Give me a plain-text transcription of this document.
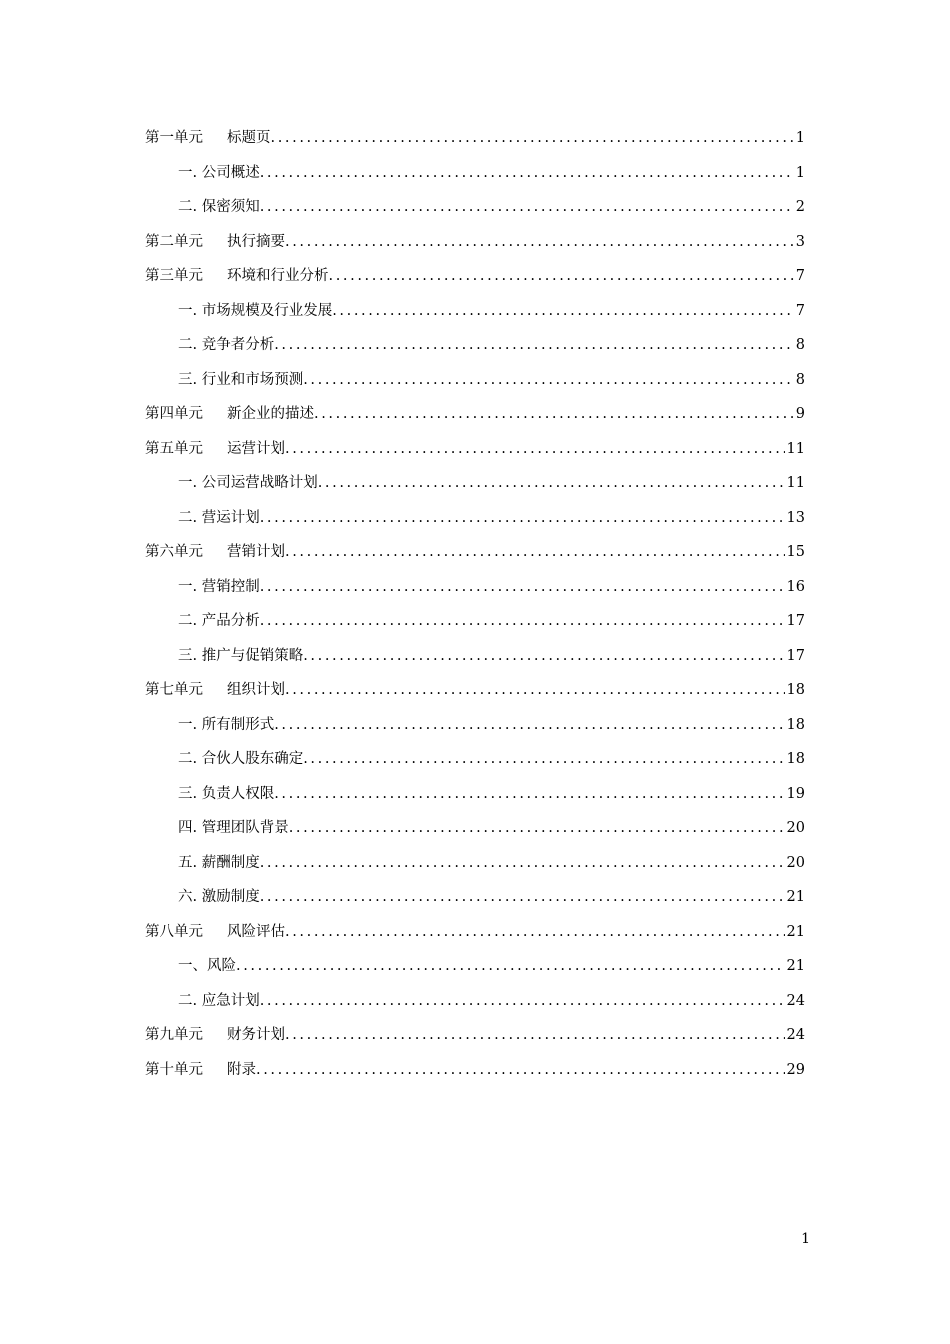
第一单元 标题页 .....	1
一. 公司概述 .....	1
二. 保密须知 .....	2
第二单元 执行摘要 .....	3
第三单元 环境和行业分析 .....	7
一. 市场规模及行业发展 .....	7
二. 竞争者分析 .....	8
三. 行业和市场预测 .....	8
第四单元 新企业的描述 .....	9
第五单元 运营计划 .....	11
一. 公司运营战略计划 .....	11
二. 营运计划 .....	13
第六单元 营销计划 .....	15
一. 营销控制 .....	16
二. 产品分析 .....	17
三. 推广与促销策略 .....	17
第七单元 组织计划 .....	18
一. 所有制形式 .....	18
二. 合伙人股东确定 .....	18
三. 负责人权限 .....	19
四. 管理团队背景 .....	20
五. 薪酬制度 .....	20
六. 激励制度 .....	21
第八单元 风险评估 .....	21
一、风险 .....	21
二. 应急计划 .....	24
第九单元 财务计划 .....	24
第十单元 附录 .....	29
1
